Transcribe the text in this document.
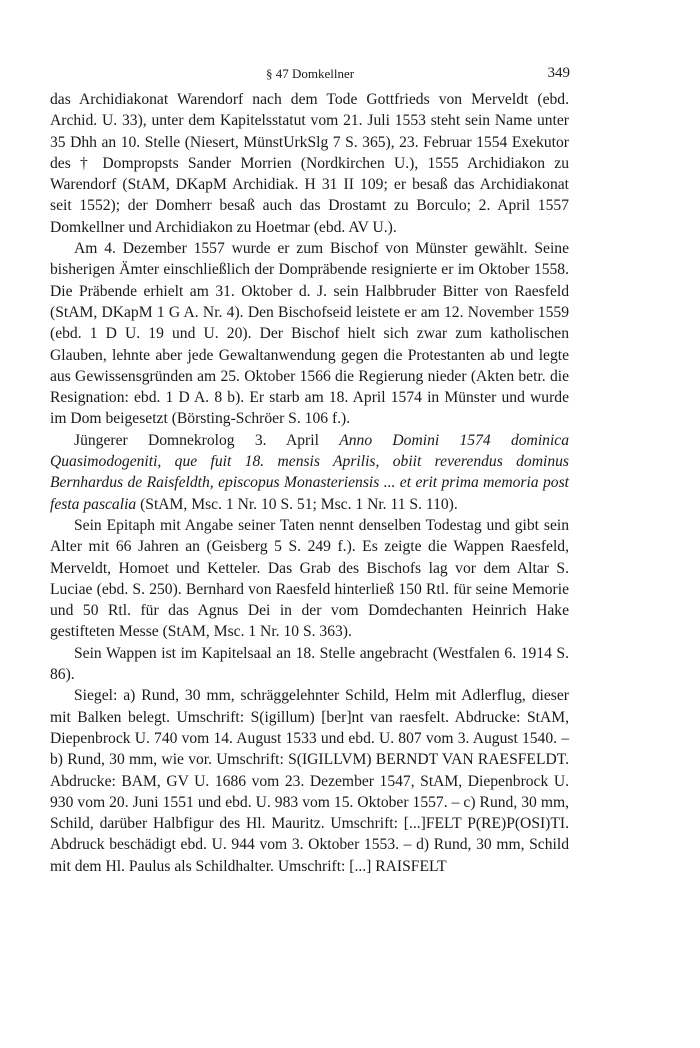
§ 47 Domkellner	349

das Archidiakonat Warendorf nach dem Tode Gottfrieds von Merveldt (ebd. Archid. U. 33), unter dem Kapitelsstatut vom 21. Juli 1553 steht sein Name unter 35 Dhh an 10. Stelle (Niesert, MünstUrkSlg 7 S. 365), 23. Februar 1554 Exekutor des † Dompropsts Sander Morrien (Nordkirchen U.), 1555 Archidiakon zu Warendorf (StAM, DKapM Archidiak. H 31 II 109; er besaß das Archidiakonat seit 1552); der Domherr besaß auch das Drostamt zu Borculo; 2. April 1557 Domkellner und Archidiakon zu Hoetmar (ebd. AV U.).

Am 4. Dezember 1557 wurde er zum Bischof von Münster gewählt. Seine bisherigen Ämter einschließlich der Dompräbende resignierte er im Oktober 1558. Die Präbende erhielt am 31. Oktober d. J. sein Halbbruder Bitter von Raesfeld (StAM, DKapM 1 G A. Nr. 4). Den Bischofseid leistete er am 12. November 1559 (ebd. 1 D U. 19 und U. 20). Der Bischof hielt sich zwar zum katholischen Glauben, lehnte aber jede Gewaltanwendung gegen die Protestanten ab und legte aus Gewissensgründen am 25. Oktober 1566 die Regierung nieder (Akten betr. die Resignation: ebd. 1 D A. 8 b). Er starb am 18. April 1574 in Münster und wurde im Dom beigesetzt (Börsting-Schröer S. 106 f.).

Jüngerer Domnekrolog 3. April Anno Domini 1574 dominica Quasimodogeniti, que fuit 18. mensis Aprilis, obiit reverendus dominus Bernhardus de Raisfeldth, episcopus Monasteriensis ... et erit prima memoria post festa pascalia (StAM, Msc. 1 Nr. 10 S. 51; Msc. 1 Nr. 11 S. 110).

Sein Epitaph mit Angabe seiner Taten nennt denselben Todestag und gibt sein Alter mit 66 Jahren an (Geisberg 5 S. 249 f.). Es zeigte die Wappen Raesfeld, Merveldt, Homoet und Ketteler. Das Grab des Bischofs lag vor dem Altar S. Luciae (ebd. S. 250). Bernhard von Raesfeld hinterließ 150 Rtl. für seine Memorie und 50 Rtl. für das Agnus Dei in der vom Domdechanten Heinrich Hake gestifteten Messe (StAM, Msc. 1 Nr. 10 S. 363).

Sein Wappen ist im Kapitelsaal an 18. Stelle angebracht (Westfalen 6. 1914 S. 86).

Siegel: a) Rund, 30 mm, schräggelehnter Schild, Helm mit Adlerflug, dieser mit Balken belegt. Umschrift: S(igillum) [ber]nt van raesfelt. Abdrucke: StAM, Diepenbrock U. 740 vom 14. August 1533 und ebd. U. 807 vom 3. August 1540. – b) Rund, 30 mm, wie vor. Umschrift: S(IGILLVM) BERNDT VAN RAESFELDT. Abdrucke: BAM, GV U. 1686 vom 23. Dezember 1547, StAM, Diepenbrock U. 930 vom 20. Juni 1551 und ebd. U. 983 vom 15. Oktober 1557. – c) Rund, 30 mm, Schild, darüber Halbfigur des Hl. Mauritz. Umschrift: [...]FELT P(RE)P(OSI)TI. Abdruck beschädigt ebd. U. 944 vom 3. Oktober 1553. – d) Rund, 30 mm, Schild mit dem Hl. Paulus als Schildhalter. Umschrift: [...] RAISFELT
